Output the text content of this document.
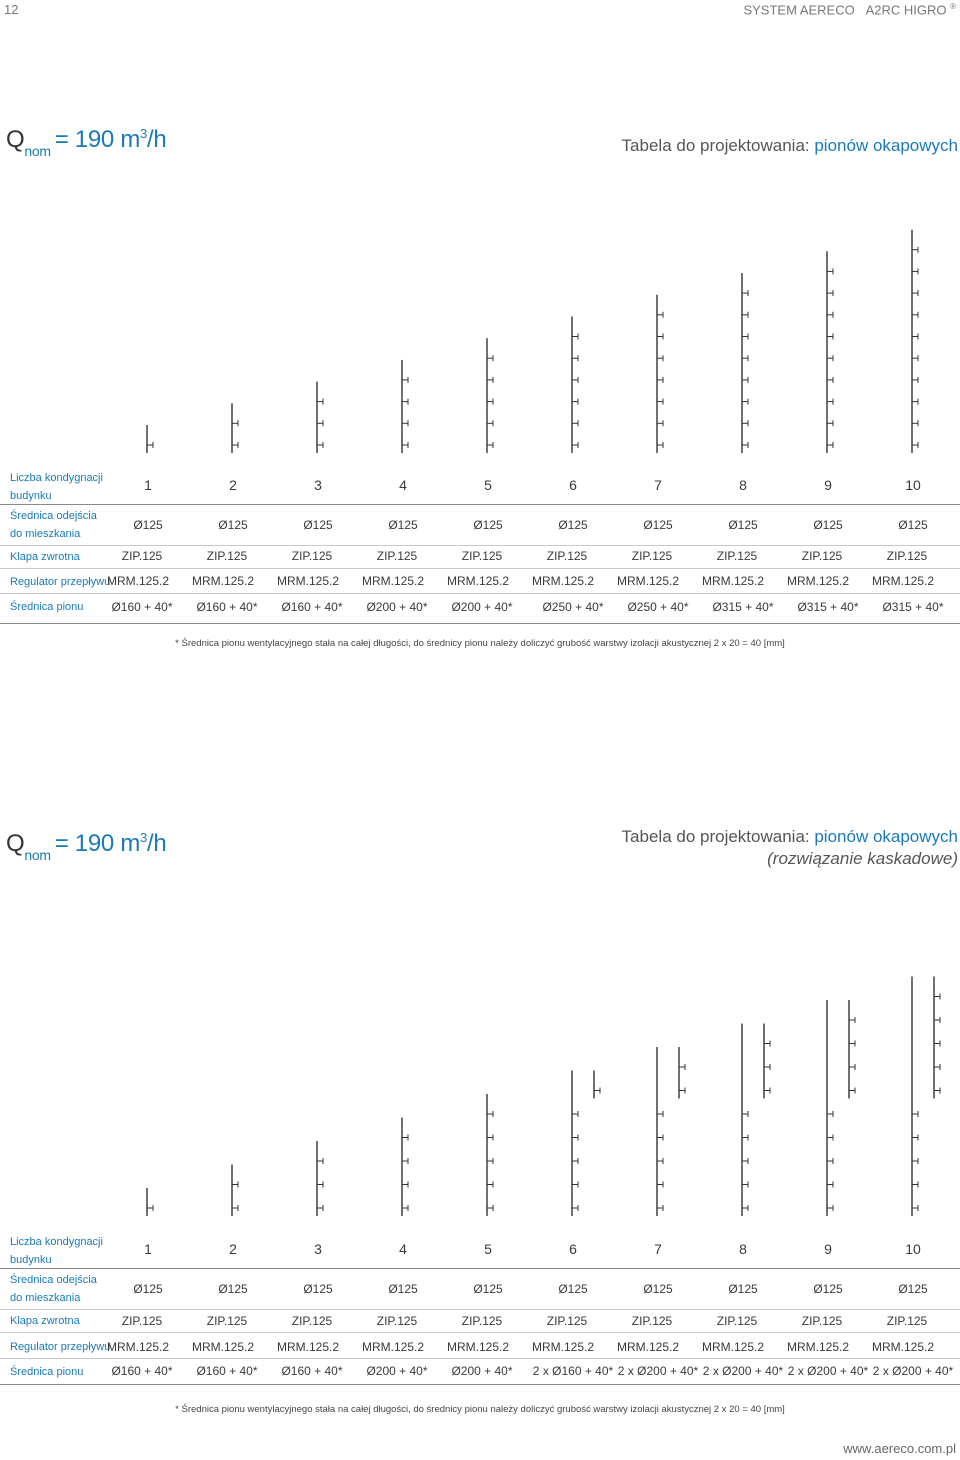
12	SYSTEM AERECO A2RC HIGRO ®
$Q_{nom} = 190$ $m^3/h$	Tabela do projektowania: pionów okapowych
Liczba kondygnacji
budynku
1	2	3	4	5	6	7	8	9	10
Średnica odejścia
do mieszkania
Ø125	Ø125	Ø125	Ø125	Ø125	Ø125	Ø125	Ø125	Ø125	Ø125
Klapa zwrotna	ZIP.125	ZIP.125	ZIP.125	ZIP.125	ZIP.125	ZIP.125	ZIP.125	ZIP.125	ZIP.125	ZIP.125
Regulator przepływu
MRM.125.2 MRM.125.2 MRM.125.2 MRM.125.2 MRM.125.2 MRM.125.2 MRM.125.2 MRM.125.2 MRM.125.2 MRM.125.2
Średnica pionu Ø160 + 40* Ø160 + 40* Ø160 + 40* Ø200 + 40* Ø200 + 40* Ø250 + 40* Ø250 + 40* Ø315 + 40* Ø315 + 40* Ø315 + 40*
* Średnica pionu wentylacyjnego stała na całej długości, do średnicy pionu należy doliczyć grubość warstwy izolacji akustycznej 2 x 20 = 40 [mm]
$Q_{nom} = 190$ $m^3/h$	Tabela do projektowania: pionów okapowych
(rozwiązanie kaskadowe)
Liczba kondygnacji
budynku
1	2	3	4	5	6	7	8	9	10
Średnica odejścia
do mieszkania
Ø125	Ø125	Ø125	Ø125	Ø125	Ø125	Ø125	Ø125	Ø125	Ø125
Klapa zwrotna	ZIP.125	ZIP.125	ZIP.125	ZIP.125	ZIP.125	ZIP.125	ZIP.125	ZIP.125	ZIP.125	ZIP.125
Regulator przepływu
MRM.125.2 MRM.125.2 MRM.125.2 MRM.125.2 MRM.125.2 MRM.125.2 MRM.125.2 MRM.125.2 MRM.125.2 MRM.125.2
Średnica pionu Ø160 + 40* Ø160 + 40* Ø160 + 40* Ø200 + 40* Ø200 + 40* 2 x Ø160 + 40* 2 x Ø200 + 40* 2 x Ø200 + 40* 2 x Ø200 + 40* 2 x Ø200 + 40*
* Średnica pionu wentylacyjnego stała na całej długości, do średnicy pionu należy doliczyć grubość warstwy izolacji akustycznej 2 x 20 = 40 [mm]
www.aereco.com.pl
